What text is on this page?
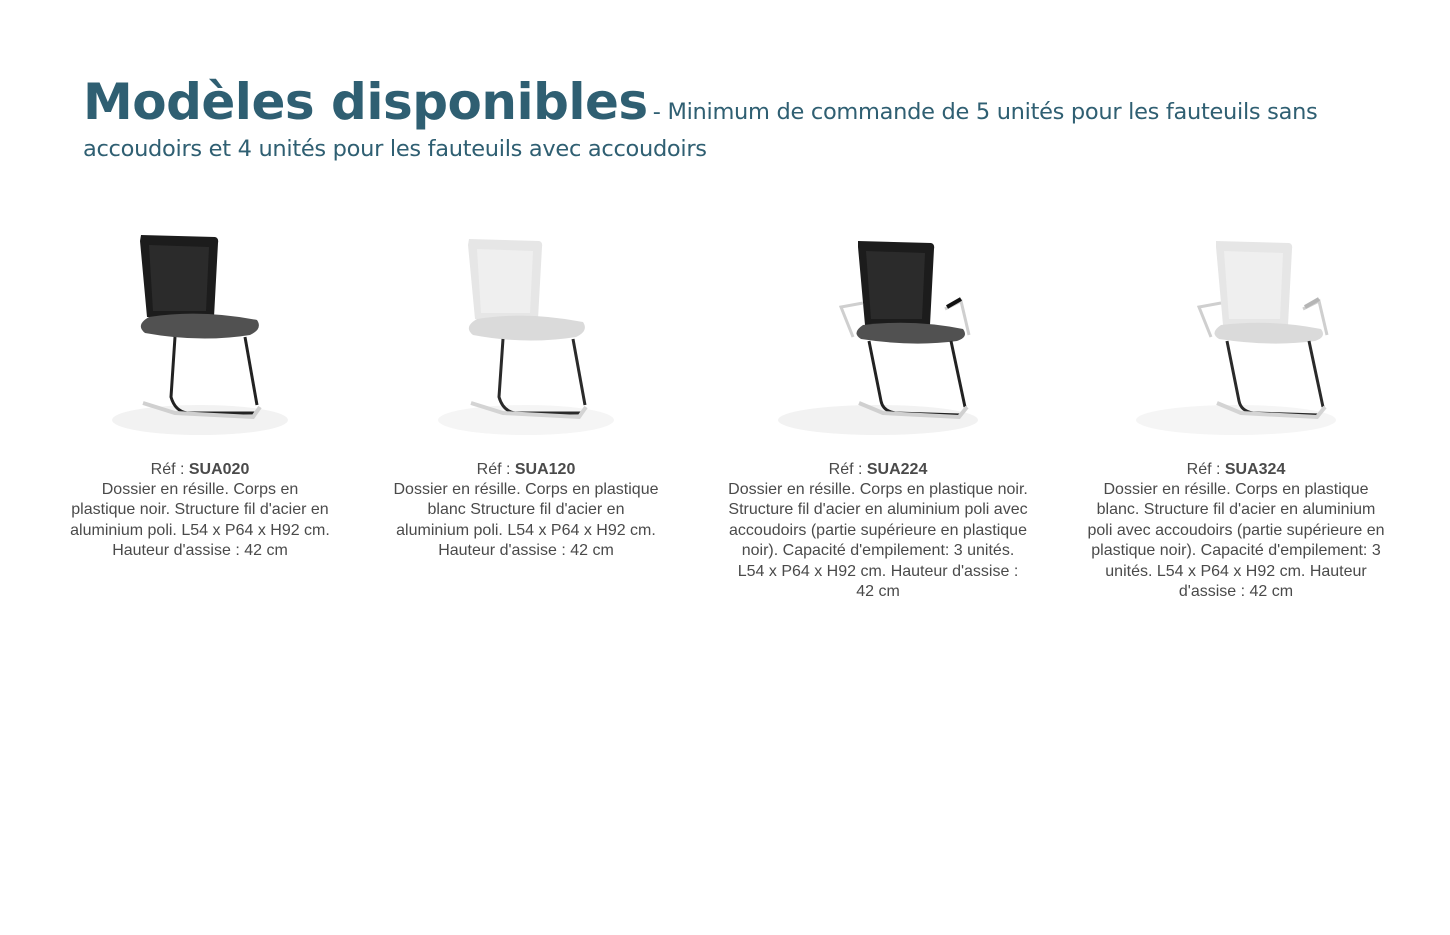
Modèles disponibles - Minimum de commande de 5 unités pour les fauteuils sans
accoudoirs et 4 unités pour les fauteuils avec accoudoirs
Réf : SUA020
Dossier en résille. Corps en plastique noir. Structure fil d'acier en aluminium poli. L54 x P64 x H92 cm. Hauteur d'assise : 42 cm
Réf : SUA120
Dossier en résille. Corps en plastique blanc Structure fil d'acier en aluminium poli. L54 x P64 x H92 cm. Hauteur d'assise : 42 cm
Réf : SUA224
Dossier en résille. Corps en plastique noir. Structure fil d'acier en aluminium poli avec accoudoirs (partie supérieure en plastique noir). Capacité d'empilement: 3 unités. L54 x P64 x H92 cm. Hauteur d'assise : 42 cm
Réf : SUA324
Dossier en résille. Corps en plastique blanc. Structure fil d'acier en aluminium poli avec accoudoirs (partie supérieure en plastique noir). Capacité d'empilement: 3 unités. L54 x P64 x H92 cm. Hauteur d'assise : 42 cm
